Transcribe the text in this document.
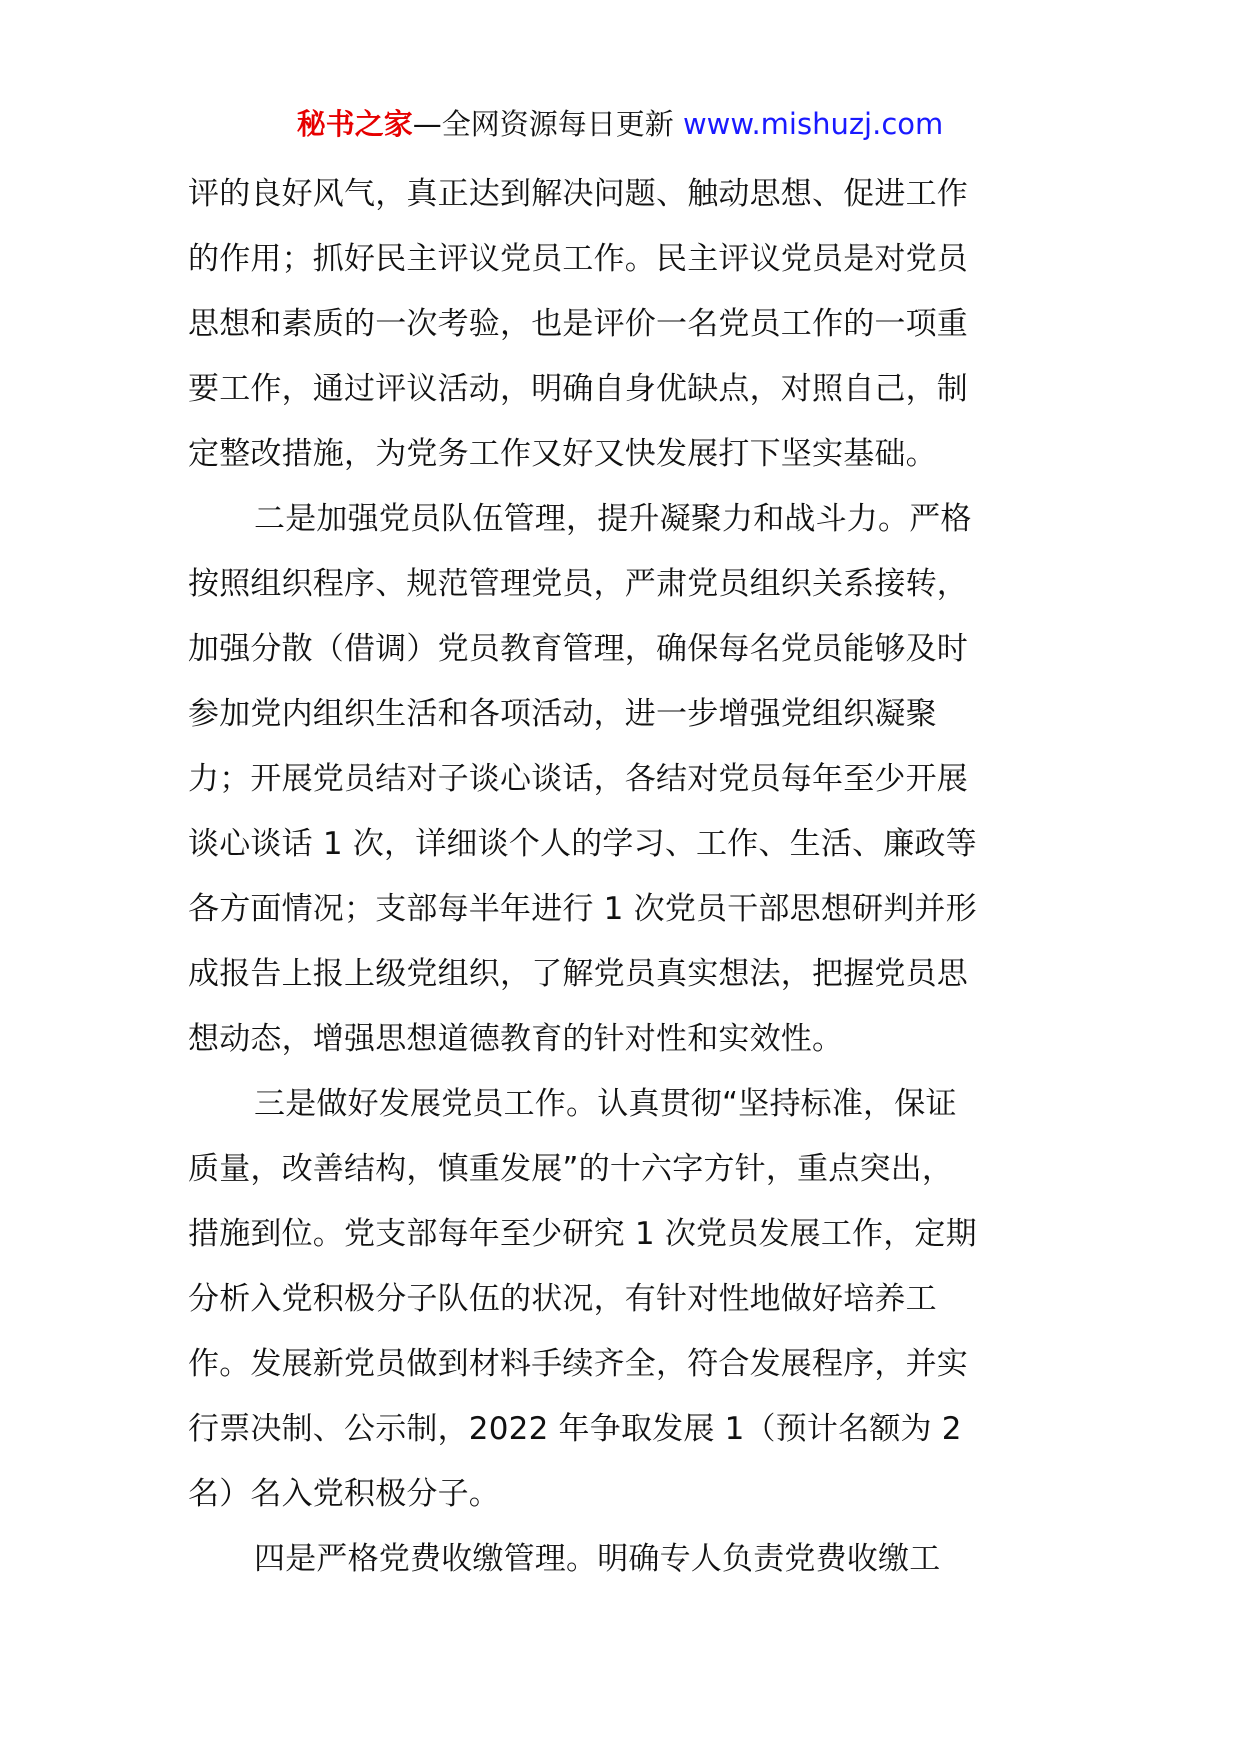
秘书之家—全网资源每日更新 www.mishuzj.com
评的良好风气，真正达到解决问题、触动思想、促进工作
的作用；抓好民主评议党员工作。民主评议党员是对党员
思想和素质的一次考验，也是评价一名党员工作的一项重
要工作，通过评议活动，明确自身优缺点，对照自己，制
定整改措施，为党务工作又好又快发展打下坚实基础。
二是加强党员队伍管理，提升凝聚力和战斗力。严格
按照组织程序、规范管理党员，严肃党员组织关系接转，
加强分散（借调）党员教育管理，确保每名党员能够及时
参加党内组织生活和各项活动，进一步增强党组织凝聚
力；开展党员结对子谈心谈话，各结对党员每年至少开展
谈心谈话 1 次，详细谈个人的学习、工作、生活、廉政等
各方面情况；支部每半年进行 1 次党员干部思想研判并形
成报告上报上级党组织，了解党员真实想法，把握党员思
想动态，增强思想道德教育的针对性和实效性。
三是做好发展党员工作。认真贯彻“坚持标准，保证
质量，改善结构，慎重发展”的十六字方针，重点突出，
措施到位。党支部每年至少研究 1 次党员发展工作，定期
分析入党积极分子队伍的状况，有针对性地做好培养工
作。发展新党员做到材料手续齐全，符合发展程序，并实
行票决制、公示制，2022 年争取发展 1（预计名额为 2
名）名入党积极分子。
四是严格党费收缴管理。明确专人负责党费收缴工
